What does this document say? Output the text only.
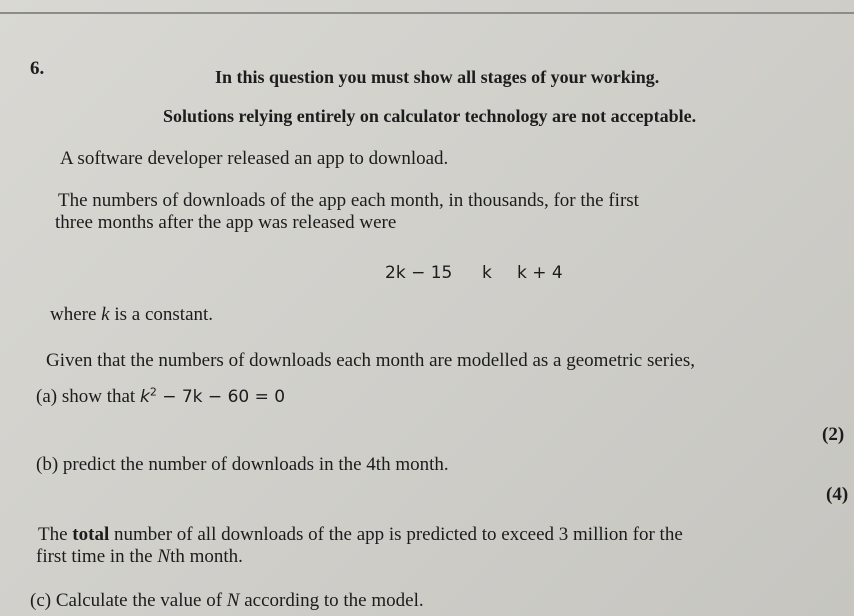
6.	In this question you must show all stages of your working.
Solutions relying entirely on calculator technology are not acceptable.
A software developer released an app to download.
The numbers of downloads of the app each month, in thousands, for the first
three months after the app was released were
2k − 15 k k + 4
where k is a constant.
Given that the numbers of downloads each month are modelled as a geometric series,
(a) show that $k^2 - 7k - 60 = 0$
(2)
(b) predict the number of downloads in the 4th month.
(4)
The total number of all downloads of the app is predicted to exceed 3 million for the
first time in the Nth month.
(c) Calculate the value of N according to the model.
